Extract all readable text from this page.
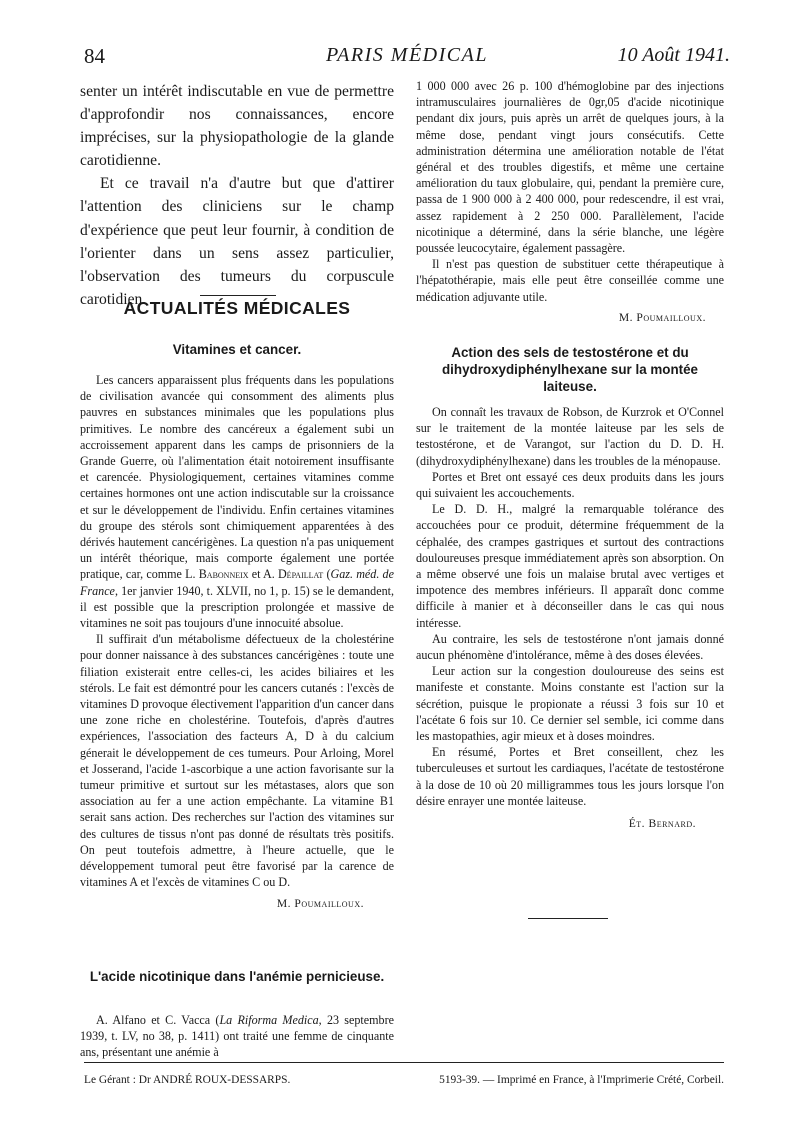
84	PARIS MÉDICAL	10 Août 1941.

senter un intérêt indiscutable en vue de permettre d'approfondir nos connaissances, encore imprécises, sur la physiopathologie de la glande carotidienne.

Et ce travail n'a d'autre but que d'attirer l'attention des cliniciens sur le champ d'expérience que peut leur fournir, à condition de l'orienter dans un sens assez particulier, l'observation des tumeurs du corpuscule carotidien.

ACTUALITÉS MÉDICALES
Vitamines et cancer.

Les cancers apparaissent plus fréquents dans les populations de civilisation avancée qui consomment des aliments plus pauvres en substances minimales que les populations plus primitives. Le nombre des cancéreux a également subi un accroissement apparent dans les camps de prisonniers de la Grande Guerre, où l'alimentation était notoirement insuffisante et carencée. Physiologiquement, certaines vitamines comme certaines hormones ont une action indiscutable sur la croissance et sur le développement de l'individu. Enfin certaines vitamines du groupe des stérols sont chimiquement apparentées à des dérivés hautement cancérigènes. La question n'a pas uniquement un intérêt théorique, mais comporte également une portée pratique, car, comme L. Babonneix et A. Dépaillat (Gaz. méd. de France, 1er janvier 1940, t. XLVII, no 1, p. 15) se le demandent, il est possible que la prescription prolongée et massive de vitamines ne soit pas toujours d'une innocuité absolue.

Il suffirait d'un métabolisme défectueux de la cholestérine pour donner naissance à des substances cancérigènes : toute une filiation existerait entre celles-ci, les acides biliaires et les stérols. Le fait est démontré pour les cancers cutanés : l'excès de vitamines D provoque électivement l'apparition d'un cancer dans une zone riche en cholestérine. Toutefois, d'après d'autres expériences, l'association des facteurs A, D à du calcium génerait le développement de ces tumeurs. Pour Arloing, Morel et Josserand, l'acide 1-ascorbique a une action favorisante sur la tumeur primitive et surtout sur les métastases, alors que son association au fer a une action empêchante. La vitamine B1 serait sans action. Des recherches sur l'action des vitamines sur des cultures de tissus n'ont pas donné de résultats très positifs. On peut toutefois admettre, à l'heure actuelle, que le développement tumoral peut être favorisé par la carence de vitamines A et l'excès de vitamines C ou D.

M. Poumailloux.
L'acide nicotinique dans l'anémie pernicieuse.

A. Alfano et C. Vacca (La Riforma Medica, 23 septembre 1939, t. LV, no 38, p. 1411) ont traité une femme de cinquante ans, présentant une anémie à

1 000 000 avec 26 p. 100 d'hémoglobine par des injections intramusculaires journalières de 0gr,05 d'acide nicotinique pendant dix jours, puis après un arrêt de quelques jours, à la même dose, pendant vingt jours consécutifs. Cette administration détermina une amélioration notable de l'état général et des troubles digestifs, et même une certaine amélioration du taux globulaire, qui, pendant la première cure, passa de 1 900 000 à 2 400 000, pour redescendre, il est vrai, assez rapidement à 2 250 000. Parallèlement, l'acide nicotinique a déterminé, dans la série blanche, une légère poussée leucocytaire, également passagère.

Il n'est pas question de substituer cette thérapeutique à l'hépatothérapie, mais elle peut être conseillée comme une médication adjuvante utile.

M. Poumailloux.
Action des sels de testostérone et du dihydroxydiphénylhexane sur la montée laiteuse.

On connaît les travaux de Robson, de Kurzrok et O'Connel sur le traitement de la montée laiteuse par les sels de testostérone, et de Varangot, sur l'action du D. D. H. (dihydroxydiphénylhexane) dans les troubles de la ménopause.

Portes et Bret ont essayé ces deux produits dans les jours qui suivaient les accouchements.

Le D. D. H., malgré la remarquable tolérance des accouchées pour ce produit, détermine fréquemment de la céphalée, des crampes gastriques et surtout des contractions douloureuses presque immédiatement après son absorption. On a même observé une fois un malaise brutal avec vertiges et impotence des membres inférieurs. Il apparaît donc comme difficile à manier et à déconseiller dans le cas qui nous intéresse.

Au contraire, les sels de testostérone n'ont jamais donné aucun phénomène d'intolérance, même à des doses élevées.

Leur action sur la congestion douloureuse des seins est manifeste et constante. Moins constante est l'action sur la sécrétion, puisque le propionate a réussi 3 fois sur 10 et l'acétate 6 fois sur 10. Ce dernier sel semble, ici comme dans les mastopathies, agir mieux et à doses moindres.

En résumé, Portes et Bret conseillent, chez les tuberculeuses et surtout les cardiaques, l'acétate de testostérone à la dose de 10 où 20 milligrammes tous les jours lorsque l'on désire enrayer une montée laiteuse.

Ét. Bernard.
Le Gérant : Dr ANDRÉ ROUX-DESSARPS.	5193-39. — Imprimé en France, à l'Imprimerie Crété, Corbeil.
